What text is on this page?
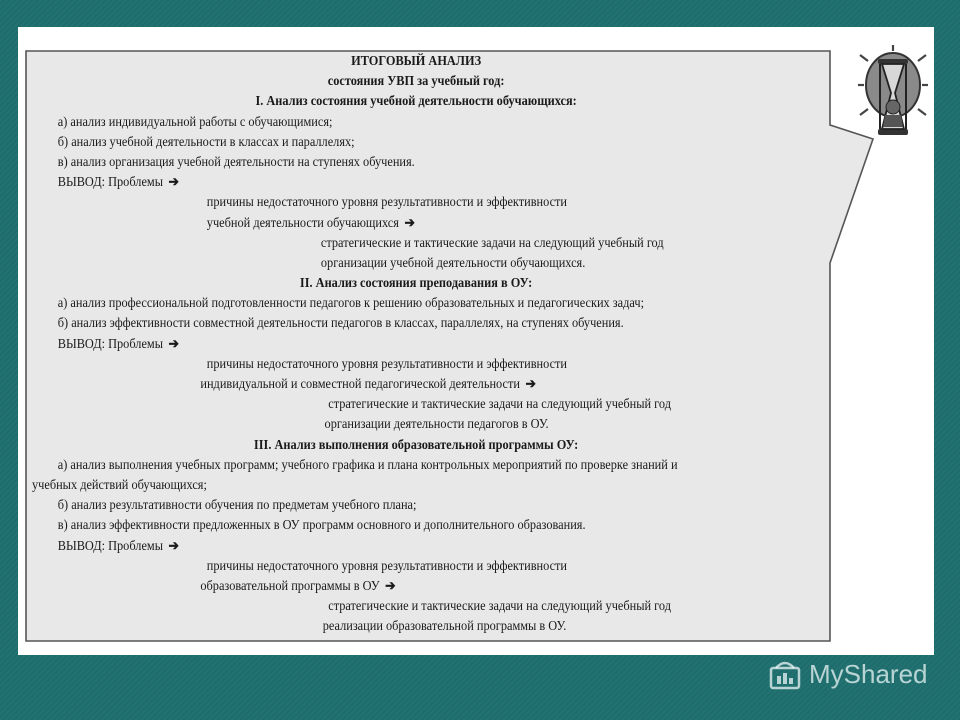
ИТОГОВЫЙ АНАЛИЗ
состояния УВП за учебный год:
I. Анализ состояния учебной деятельности обучающихся:
а) анализ индивидуальной работы с обучающимися;
б) анализ учебной деятельности в классах и параллелях;
в) анализ организация учебной деятельности на ступенях обучения.
ВЫВОД: Проблемы ➔
причины недостаточного уровня результативности и эффективности
учебной деятельности обучающихся ➔
стратегические и тактические задачи на следующий учебный год
организации учебной деятельности обучающихся.
II. Анализ состояния преподавания в ОУ:
а) анализ профессиональной подготовленности педагогов к решению образовательных и педагогических задач;
б) анализ эффективности совместной деятельности педагогов в классах, параллелях, на ступенях обучения.
ВЫВОД: Проблемы ➔
причины недостаточного уровня результативности и эффективности
индивидуальной и совместной педагогической деятельности ➔
стратегические и тактические задачи на следующий учебный год
организации деятельности педагогов в ОУ.
III. Анализ выполнения образовательной программы ОУ:
а) анализ выполнения учебных программ; учебного графика и плана контрольных мероприятий по проверке знаний и
учебных действий обучающихся;
б) анализ результативности обучения по предметам учебного плана;
в) анализ эффективности предложенных в ОУ программ основного и дополнительного образования.
ВЫВОД: Проблемы ➔
причины недостаточного уровня результативности и эффективности
образовательной программы в ОУ ➔
стратегические и тактические задачи на следующий учебный год
реализации образовательной программы в ОУ.
MyShared
